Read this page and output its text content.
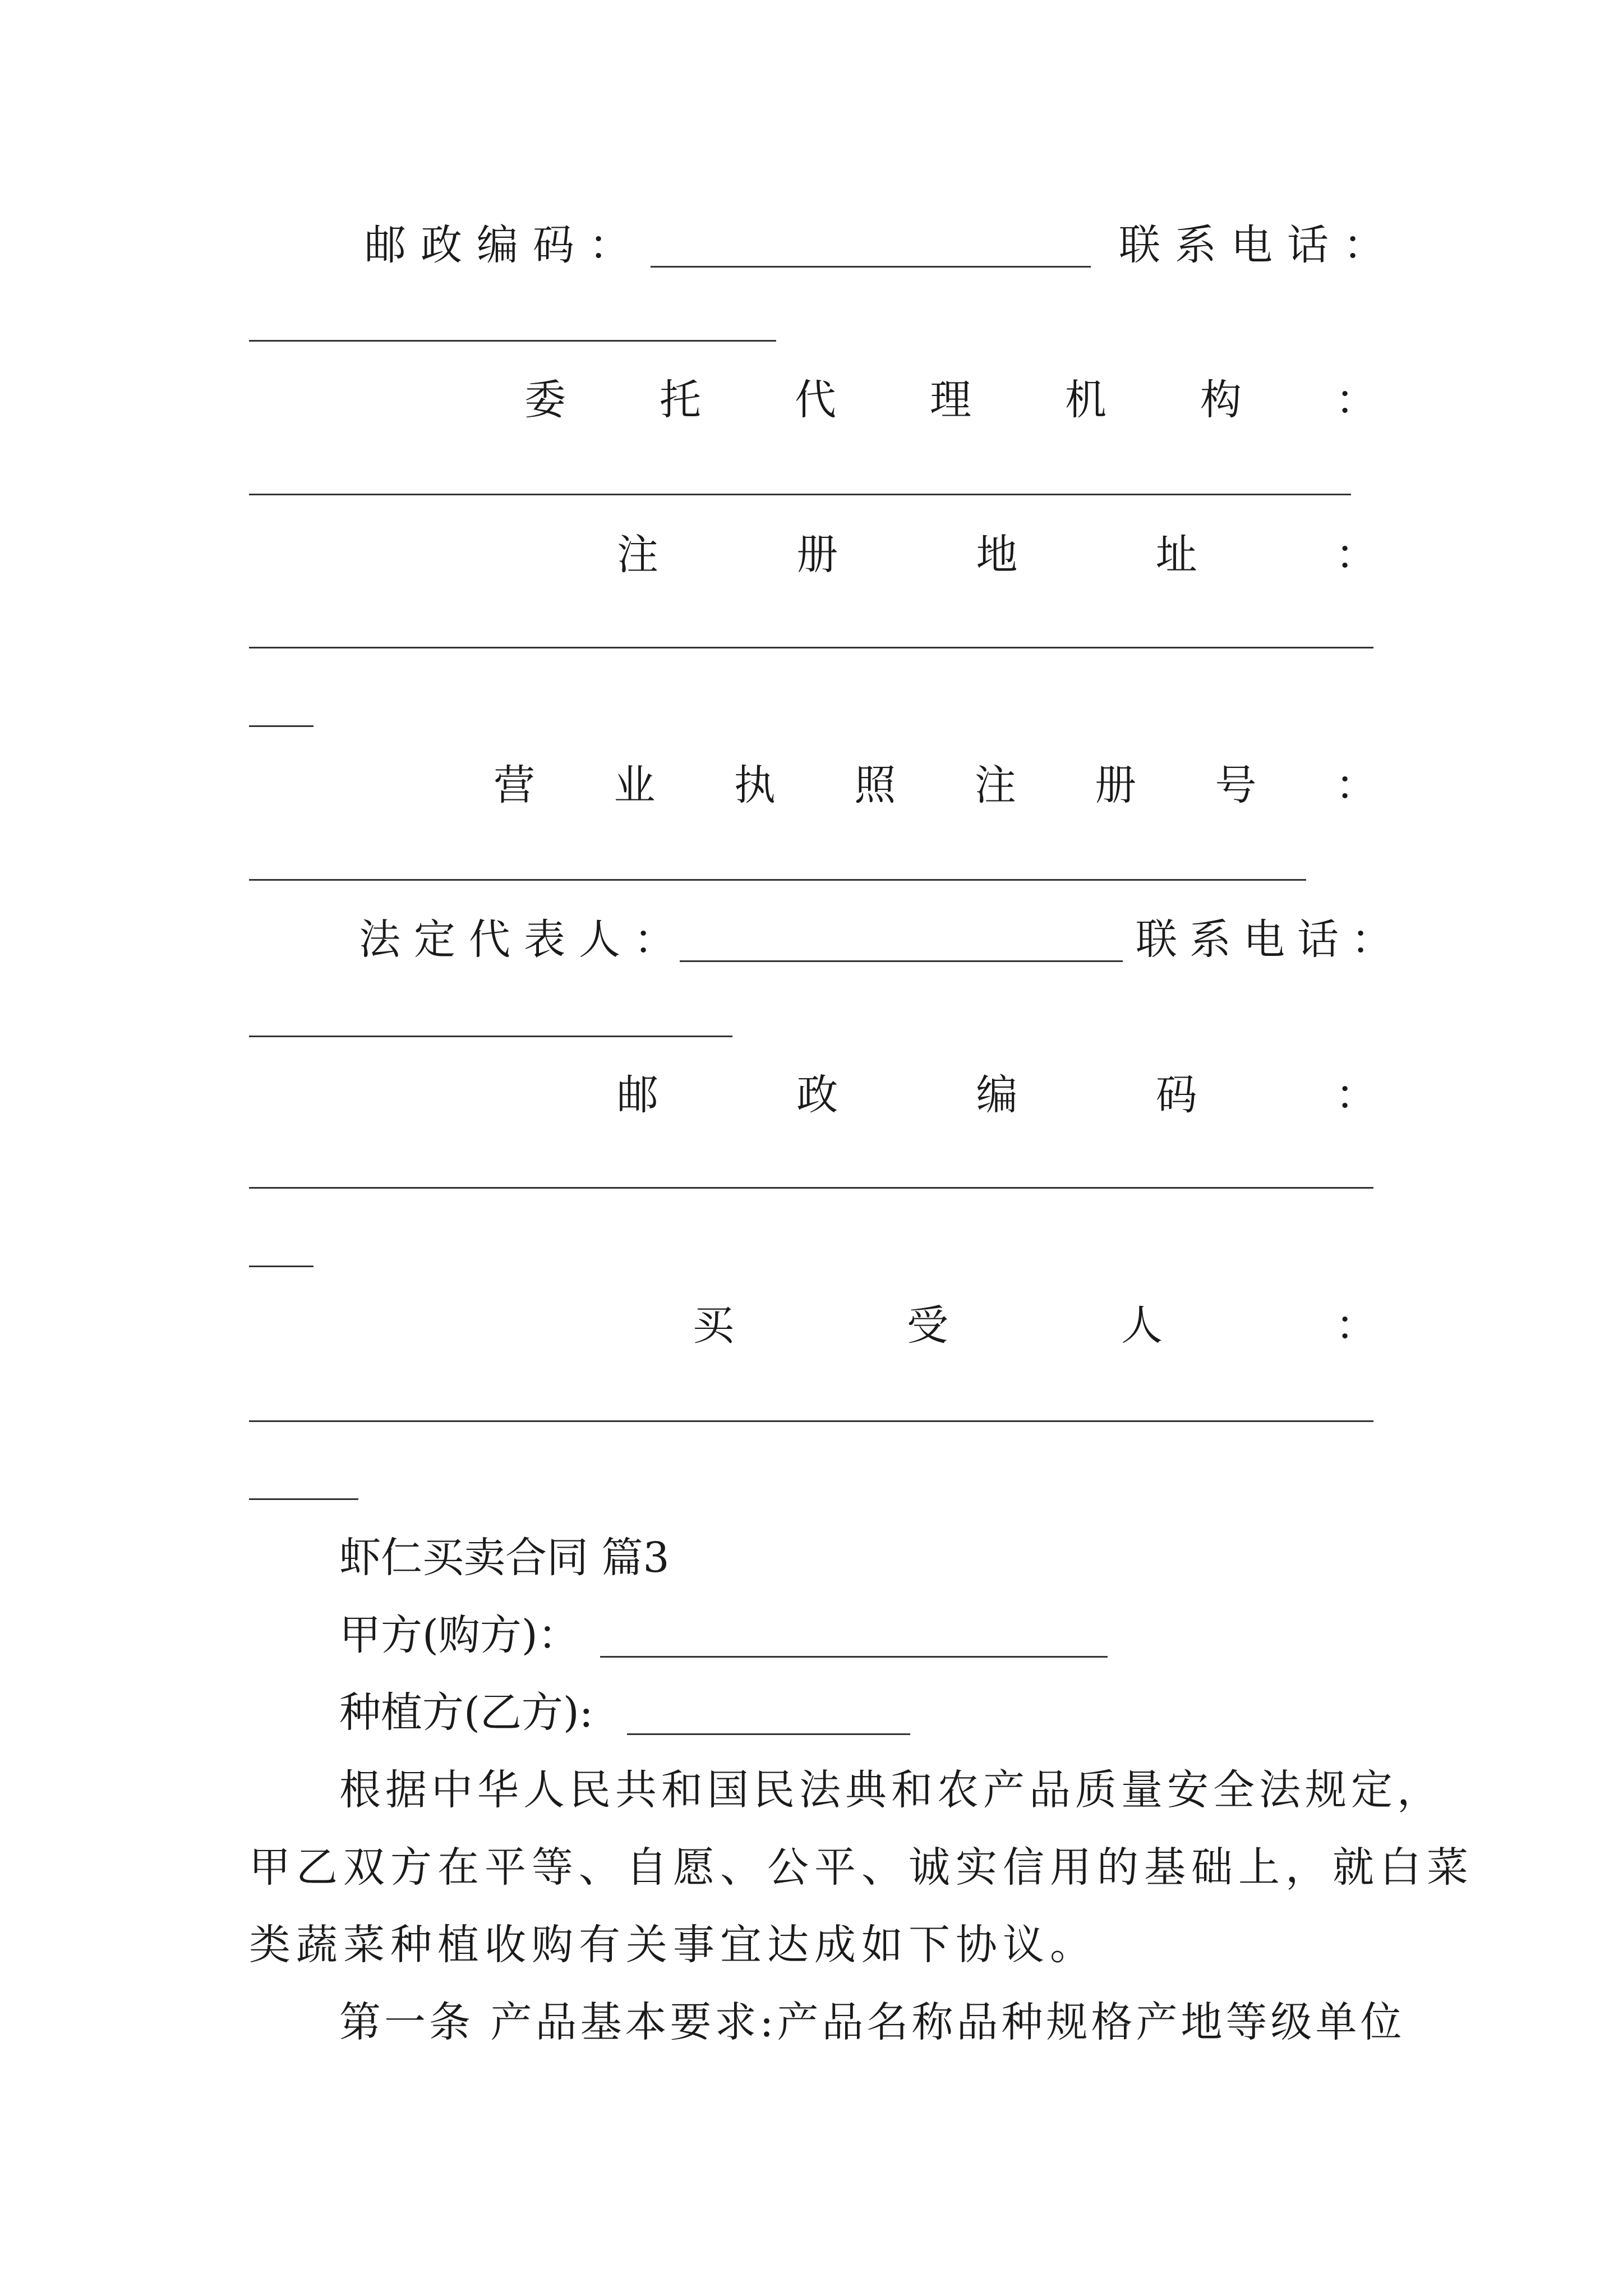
邮政编码：	联系电话：
委 托 代 理 机 构 ：
注	册	地	址	：
营 业 执 照 注 册 号 ：
法定代表人：	联系电话：
邮	政	编	码	：
买	受	人	：
虾仁买卖合同 篇3
甲方(购方)：
种植方(乙方):
根据中华人民共和国民法典和农产品质量安全法规定，
甲乙双方在平等、自愿、公平、诚实信用的基础上，就白菜
类蔬菜种植收购有关事宜达成如下协议。
第一条 产品基本要求:产品名称品种规格产地等级单位
